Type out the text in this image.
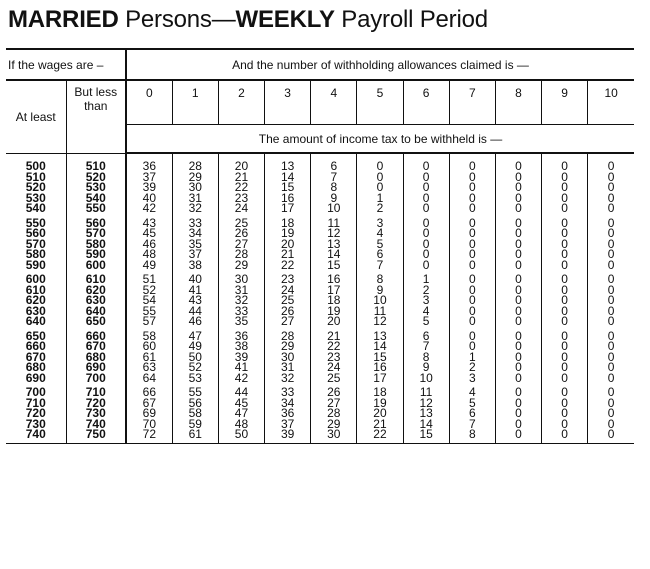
MARRIED Persons—WEEKLY Payroll Period
If the wages are –		And the number of withholding allowances claimed is —										
At least	But less than	0	1	2	3	4	5	6	7	8	9	10
		The amount of income tax to be withheld is —										
500	510	36	28	20	13	6	0	0	0	0	0	0
510	520	37	29	21	14	7	0	0	0	0	0	0
520	530	39	30	22	15	8	0	0	0	0	0	0
530	540	40	31	23	16	9	1	0	0	0	0	0
540	550	42	32	24	17	10	2	0	0	0	0	0
550	560	43	33	25	18	11	3	0	0	0	0	0
560	570	45	34	26	19	12	4	0	0	0	0	0
570	580	46	35	27	20	13	5	0	0	0	0	0
580	590	48	37	28	21	14	6	0	0	0	0	0
590	600	49	38	29	22	15	7	0	0	0	0	0
600	610	51	40	30	23	16	8	1	0	0	0	0
610	620	52	41	31	24	17	9	2	0	0	0	0
620	630	54	43	32	25	18	10	3	0	0	0	0
630	640	55	44	33	26	19	11	4	0	0	0	0
640	650	57	46	35	27	20	12	5	0	0	0	0
650	660	58	47	36	28	21	13	6	0	0	0	0
660	670	60	49	38	29	22	14	7	0	0	0	0
670	680	61	50	39	30	23	15	8	1	0	0	0
680	690	63	52	41	31	24	16	9	2	0	0	0
690	700	64	53	42	32	25	17	10	3	0	0	0
700	710	66	55	44	33	26	18	11	4	0	0	0
710	720	67	56	45	34	27	19	12	5	0	0	0
720	730	69	58	47	36	28	20	13	6	0	0	0
730	740	70	59	48	37	29	21	14	7	0	0	0
740	750	72	61	50	39	30	22	15	8	0	0	0
